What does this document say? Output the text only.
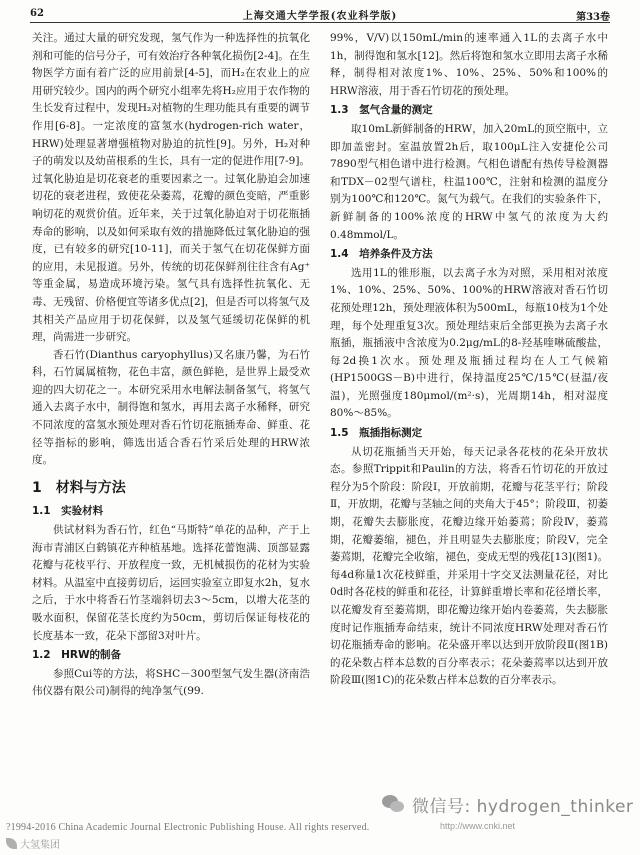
62	上海交通大学学报(农业科学版)	第33卷

关注。通过大量的研究发现，氢气作为一种选择性的抗氧化剂和可能的信号分子，可有效治疗各种氧化损伤[2-4]。在生物医学方面有着广泛的应用前景[4-5]，而H₂在农业上的应用研究较少。国内的两个研究小组率先将H₂应用于农作物的生长发育过程中，发现H₂对植物的生理功能具有重要的调节作用[6-8]。一定浓度的富氢水(hydrogen-rich water，HRW)处理显著增强植物对胁迫的抗性[9]。另外，H₂对种子的萌发以及幼苗根系的生长，具有一定的促进作用[7-9]。过氧化胁迫是切花衰老的重要因素之一。过氧化胁迫会加速切花的衰老进程，致使花朵萎蔫，花瓣的颜色变暗，严重影响切花的观赏价值。近年来，关于过氧化胁迫对于切花瓶插寿命的影响，以及如何采取有效的措施降低过氧化胁迫的强度，已有较多的研究[10-11]，而关于氢气在切花保鲜方面的应用，未见报道。另外，传统的切花保鲜剂往往含有Ag⁺等重金属，易造成环境污染。氢气具有选择性抗氧化、无毒、无残留、价格便宜等诸多优点[2]，但是否可以将氢气及其相关产品应用于切花保鲜，以及氢气延缓切花保鲜的机理，尚需进一步研究。

香石竹(Dianthus caryophyllus)又名康乃馨，为石竹科，石竹属属植物，花色丰富，颜色鲜艳，是世界上最受欢迎的四大切花之一。本研究采用水电解法制备氢气，将氢气通入去离子水中，制得饱和氢水，再用去离子水稀释，研究不同浓度的富氢水预处理对香石竹切花瓶插寿命、鲜重、花径等指标的影响，筛选出适合香石竹采后处理的HRW浓度。

1　材料与方法
1.1　实验材料

供试材料为香石竹，红色“马斯特”单花的品种，产于上海市青浦区白鹤镇花卉种植基地。选择花蕾饱满、顶部显露花瓣与花枝平行、开放程度一致，无机械损伤的花材为实验材料。从温室中直接剪切后，运回实验室立即复水2h，复水之后，于水中将香石竹茎端斜切去3～5cm，以增大花茎的吸水面积，保留花茎长度约为50cm，剪切后保证每枝花的长度基本一致，花朵下部留3对叶片。

1.2　HRW的制备

参照Cui等的方法，将SHC－300型氢气发生器(济南浩伟仪器有限公司)制得的纯净氢气(99.

99%，V/V)以150mL/min的速率通入1L的去离子水中1h，制得饱和氢水[12]。然后将饱和氢水立即用去离子水稀释，制得相对浓度1%、10%、25%、50%和100%的HRW溶液，用于香石竹切花的预处理。

1.3　氢气含量的测定

取10mL新鲜制备的HRW，加入20mL的顶空瓶中，立即加盖密封。室温放置2h后，取100μL注入安捷伦公司7890型气相色谱中进行检测。气相色谱配有热传导检测器和TDX－02型气谱柱，柱温100℃，注射和检测的温度分别为100℃和120℃。氮气为载气。在我们的实验条件下，新鲜制备的100%浓度的HRW中氢气的浓度为大约0.48mmol/L。

1.4　培养条件及方法

选用1L的锥形瓶，以去离子水为对照，采用相对浓度1%、10%、25%、50%、100%的HRW溶液对香石竹切花预处理12h，预处理液体积为500mL，每瓶10枝为1个处理，每个处理重复3次。预处理结束后全部更换为去离子水瓶插，瓶插液中含浓度为0.2μg/mL的8-羟基喹啉硫酸盐，每2d换1次水。预处理及瓶插过程均在人工气候箱(HP1500GS－B)中进行，保持温度25℃/15℃(昼温/夜温)，光照强度180μmol/(m²·s)，光周期14h，相对湿度80%～85%。

1.5　瓶插指标测定

从切花瓶插当天开始，每天记录各花枝的花朵开放状态。参照Trippit和Paulin的方法，将香石竹切花的开放过程分为5个阶段：阶段Ⅰ，开放前期，花瓣与花茎平行；阶段Ⅱ，开放期，花瓣与茎轴之间的夹角大于45°；阶段Ⅲ，初萎期，花瓣失去膨胀度，花瓣边缘开始萎蔫；阶段Ⅳ，萎蔫期，花瓣萎缩，褪色，并且明显失去膨胀度；阶段Ⅴ，完全萎蔫期，花瓣完全收缩，褪色，变成无型的残花[13](图1)。每4d称量1次花枝鲜重，并采用十字交叉法测量花径，对比0d时各花枝的鲜重和花径，计算鲜重增长率和花径增长率，以花瓣发育至萎蔫期，即花瓣边缘开始内卷萎蔫，失去膨胀度时记作瓶插寿命结束，统计不同浓度HRW处理对香石竹切花瓶插寿命的影响。花朵盛开率以达到开放阶段Ⅱ(图1B)的花朵数占样本总数的百分率表示；花朵萎蔫率以达到开放阶段Ⅲ(图1C)的花朵数占样本总数的百分率表示。

微信号: hydrogen_thinker
?1994-2016 China Academic Journal Electronic Publishing House. All rights reserved.	http://www.cnki.net
大氢集团
